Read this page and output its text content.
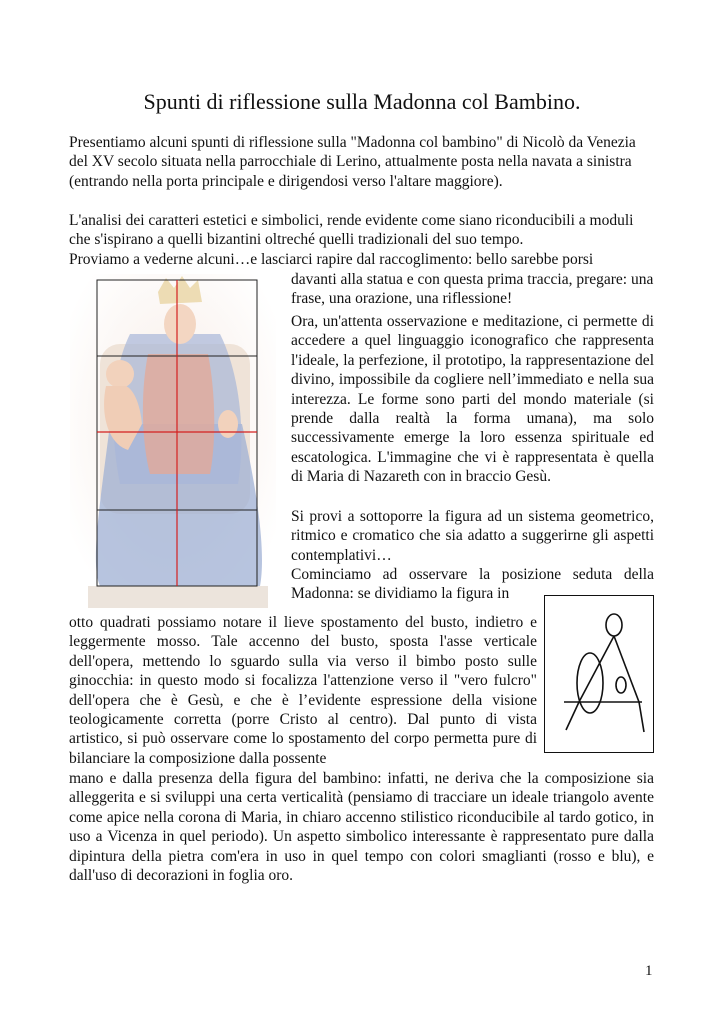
Spunti di riflessione sulla Madonna col Bambino.

Presentiamo alcuni spunti di riflessione sulla "Madonna col bambino" di Nicolò da Venezia del XV secolo situata nella parrocchiale di Lerino, attualmente posta nella navata a sinistra (entrando nella porta principale e dirigendosi verso l'altare maggiore).

L'analisi dei caratteri estetici e simbolici, rende evidente come siano riconducibili a moduli che s'ispirano a quelli bizantini oltreché quelli tradizionali del suo tempo.

Proviamo a vederne alcuni…e lasciarci rapire dal raccoglimento: bello sarebbe porsi

davanti alla statua e con questa prima traccia, pregare: una frase, una orazione, una riflessione!

Ora, un'attenta osservazione e meditazione, ci permette di accedere a quel linguaggio iconografico che rappresenta l'ideale, la perfezione, il prototipo, la rappresentazione del divino, impossibile da cogliere nell’immediato e nella sua interezza. Le forme sono parti del mondo materiale (si prende dalla realtà la forma umana), ma solo successivamente emerge la loro essenza spirituale ed escatologica. L'immagine che vi è rappresentata è quella di Maria di Nazareth con in braccio Gesù.

Si provi a sottoporre la figura ad un sistema geometrico, ritmico e cromatico che sia adatto a suggerirne gli aspetti contemplativi…

Cominciamo ad osservare la posizione seduta della Madonna: se dividiamo la figura in

otto quadrati possiamo notare il lieve spostamento del busto, indietro e leggermente mosso. Tale accenno del busto, sposta l'asse verticale dell'opera, mettendo lo sguardo sulla via verso il bimbo posto sulle ginocchia: in questo modo si focalizza l'attenzione verso il "vero fulcro" dell'opera che è Gesù, e che è l’evidente espressione della visione teologicamente corretta (porre Cristo al centro). Dal punto di vista artistico, si può osservare come lo spostamento del corpo permetta pure di bilanciare la composizione dalla possente

mano e dalla presenza della figura del bambino: infatti, ne deriva che la composizione sia alleggerita e si sviluppi una certa verticalità (pensiamo di tracciare un ideale triangolo avente come apice nella corona di Maria, in chiaro accenno stilistico riconducibile al tardo gotico, in uso a Vicenza in quel periodo). Un aspetto simbolico interessante è rappresentato pure dalla dipintura della pietra com'era in uso in quel tempo con colori smaglianti (rosso e blu), e dall'uso di decorazioni in foglia oro.

1
